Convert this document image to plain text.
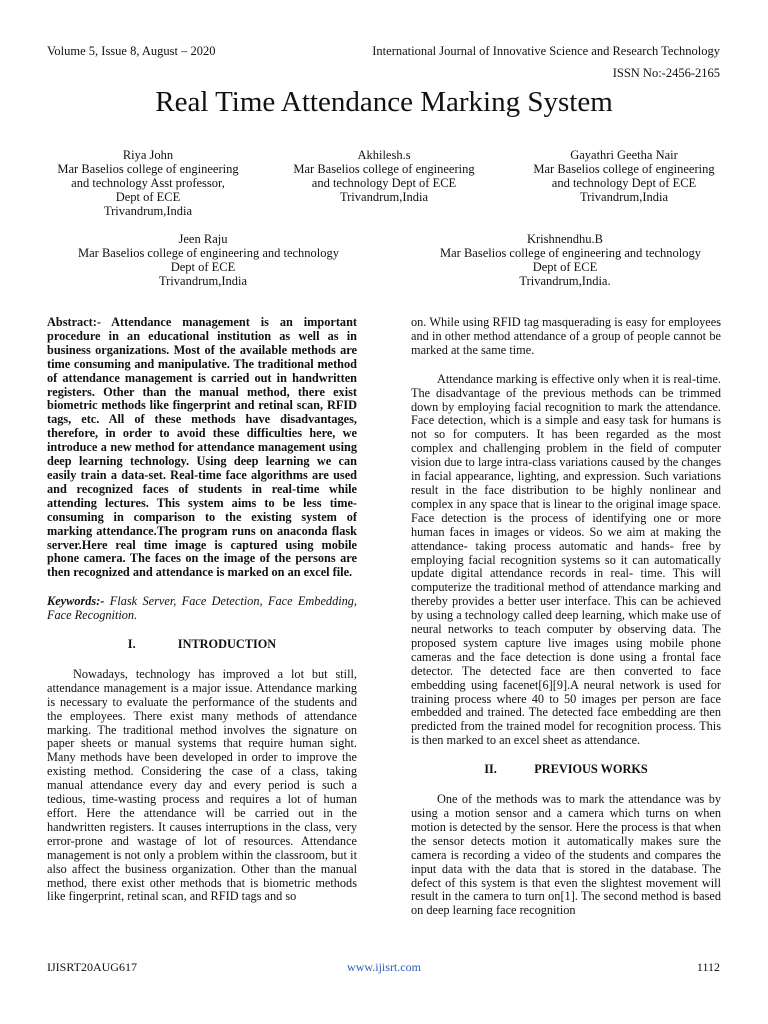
Volume 5, Issue 8, August – 2020	International Journal of Innovative Science and Research Technology
ISSN No:-2456-2165
Real Time Attendance Marking System
Riya John
Mar Baselios college of engineering
and technology Asst professor,
Dept of ECE
Trivandrum,India
Akhilesh.s
Mar Baselios college of engineering
and technology Dept of ECE
Trivandrum,India
Gayathri Geetha Nair
Mar Baselios college of engineering
and technology Dept of ECE
Trivandrum,India
Jeen Raju
Mar Baselios college of engineering and technology
Dept of ECE
Trivandrum,India
Krishnendhu.B
Mar Baselios college of engineering and technology
Dept of ECE
Trivandrum,India.

Abstract:- Attendance management is an important procedure in an educational institution as well as in business organizations. Most of the available methods are time consuming and manipulative. The traditional method of attendance management is carried out in handwritten registers. Other than the manual method, there exist biometric methods like fingerprint and retinal scan, RFID tags, etc. All of these methods have disadvantages, therefore, in order to avoid these difficulties here, we introduce a new method for attendance management using deep learning technology. Using deep learning we can easily train a data-set. Real-time face algorithms are used and recognized faces of students in real-time while attending lectures. This system aims to be less time- consuming in comparison to the existing system of marking attendance.The program runs on anaconda flask server.Here real time image is captured using mobile phone camera. The faces on the image of the persons are then recognized and attendance is marked on an excel file.

Keywords:- Flask Server, Face Detection, Face Embedding, Face Recognition.

I.	INTRODUCTION

Nowadays, technology has improved a lot but still, attendance management is a major issue. Attendance marking is necessary to evaluate the performance of the students and the employees. There exist many methods of attendance marking. The traditional method involves the signature on paper sheets or manual systems that require human sight. Many methods have been developed in order to improve the existing method. Considering the case of a class, taking manual attendance every day and every period is such a tedious, time-wasting process and requires a lot of human effort. Here the attendance will be carried out in the handwritten registers. It causes interruptions in the class, very error-prone and wastage of lot of resources. Attendance management is not only a problem within the classroom, but it also affect the business organization. Other than the manual method, there exist other methods that is biometric methods like fingerprint, retinal scan, and RFID tags and so

on. While using RFID tag masquerading is easy for employees and in other method attendance of a group of people cannot be marked at the same time.

Attendance marking is effective only when it is real-time. The disadvantage of the previous methods can be trimmed down by employing facial recognition to mark the attendance. Face detection, which is a simple and easy task for humans is not so for computers. It has been regarded as the most complex and challenging problem in the field of computer vision due to large intra-class variations caused by the changes in facial appearance, lighting, and expression. Such variations result in the face distribution to be highly nonlinear and complex in any space that is linear to the original image space. Face detection is the process of identifying one or more human faces in images or videos. So we aim at making the attendance- taking process automatic and hands- free by employing facial recognition systems so it can automatically update digital attendance records in real- time. This will computerize the traditional method of attendance marking and thereby provides a better user interface. This can be achieved by using a technology called deep learning, which make use of neural networks to teach computer by observing data. The proposed system capture live images using mobile phone cameras and the face detection is done using a frontal face detector. The detected face are then converted to face embedding using facenet[6][9].A neural network is used for training process where 40 to 50 images per person are face embedded and trained. The detected face embedding are then predicted from the trained model for recognition process. This is then marked to an excel sheet as attendance.

II.	PREVIOUS WORKS

One of the methods was to mark the attendance was by using a motion sensor and a camera which turns on when motion is detected by the sensor. Here the process is that when the sensor detects motion it automatically makes sure the camera is recording a video of the students and compares the input data with the data that is stored in the database. The defect of this system is that even the slightest movement will result in the camera to turn on[1]. The second method is based on deep learning face recognition

IJISRT20AUG617	www.ijisrt.com	1112
